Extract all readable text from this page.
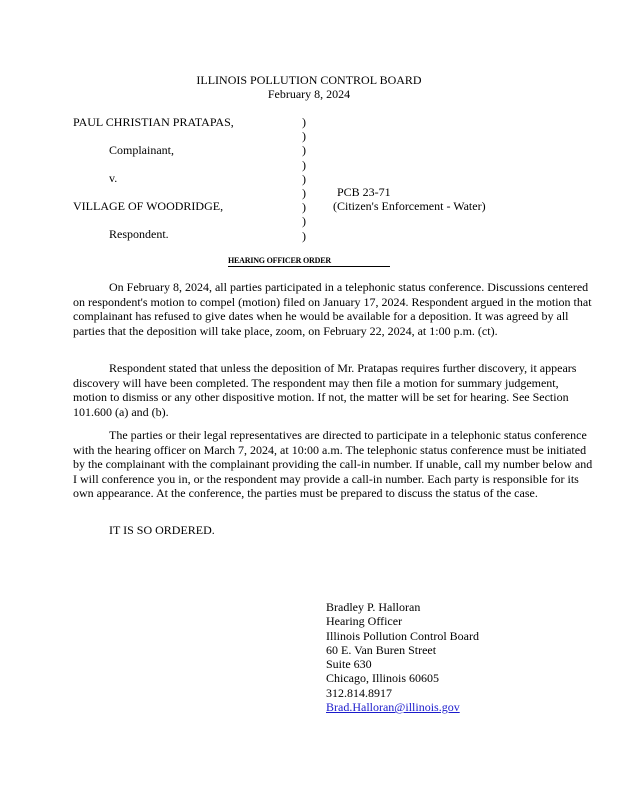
ILLINOIS POLLUTION CONTROL BOARD
February 8, 2024
PAUL CHRISTIAN PRATAPAS,
Complainant,
v.
VILLAGE OF WOODRIDGE,
Respondent.
)
)
)
)
)
)
)
)
)
PCB 23-71
(Citizen's Enforcement - Water)
HEARING OFFICER ORDER
On February 8, 2024, all parties participated in a telephonic status conference. Discussions centered on respondent's motion to compel (motion) filed on January 17, 2024. Respondent argued in the motion that complainant has refused to give dates when he would be available for a deposition. It was agreed by all parties that the deposition will take place, zoom, on February 22, 2024, at 1:00 p.m. (ct).
Respondent stated that unless the deposition of Mr. Pratapas requires further discovery, it appears discovery will have been completed. The respondent may then file a motion for summary judgement, motion to dismiss or any other dispositive motion. If not, the matter will be set for hearing. See Section 101.600 (a) and (b).
The parties or their legal representatives are directed to participate in a telephonic status conference with the hearing officer on March 7, 2024, at 10:00 a.m. The telephonic status conference must be initiated by the complainant with the complainant providing the call-in number. If unable, call my number below and I will conference you in, or the respondent may provide a call-in number. Each party is responsible for its own appearance. At the conference, the parties must be prepared to discuss the status of the case.
IT IS SO ORDERED.
Bradley P. Halloran
Hearing Officer
Illinois Pollution Control Board
60 E. Van Buren Street
Suite 630
Chicago, Illinois 60605
312.814.8917
Brad.Halloran@illinois.gov
